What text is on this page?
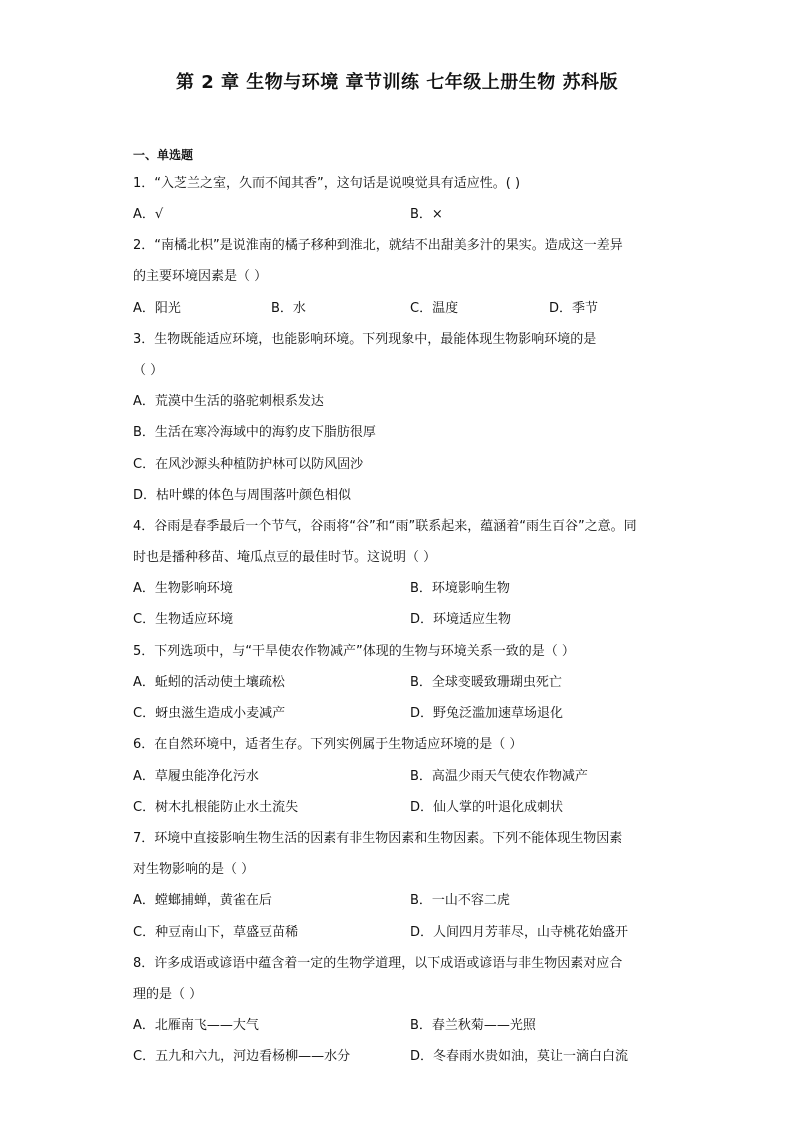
第 2 章 生物与环境 章节训练 七年级上册生物 苏科版
一、单选题
1．“入芝兰之室，久而不闻其香”，这句话是说嗅觉具有适应性。( )
A．√	B．×
2．“南橘北枳”是说淮南的橘子移种到淮北，就结不出甜美多汁的果实。造成这一差异
的主要环境因素是（ ）
A．阳光	B．水	C．温度	D．季节
3．生物既能适应环境，也能影响环境。下列现象中，最能体现生物影响环境的是
（ ）
A．荒漠中生活的骆驼刺根系发达
B．生活在寒冷海域中的海豹皮下脂肪很厚
C．在风沙源头种植防护林可以防风固沙
D．枯叶蝶的体色与周围落叶颜色相似
4．谷雨是春季最后一个节气，谷雨将“谷”和“雨”联系起来，蕴涵着“雨生百谷”之意。同
时也是播种移苗、埯瓜点豆的最佳时节。这说明（ ）
A．生物影响环境	B．环境影响生物
C．生物适应环境	D．环境适应生物
5．下列选项中，与“干旱使农作物减产”体现的生物与环境关系一致的是（ ）
A．蚯蚓的活动使土壤疏松	B．全球变暖致珊瑚虫死亡
C．蚜虫滋生造成小麦减产	D．野兔泛滥加速草场退化
6．在自然环境中，适者生存。下列实例属于生物适应环境的是（ ）
A．草履虫能净化污水	B．高温少雨天气使农作物减产
C．树木扎根能防止水土流失	D．仙人掌的叶退化成刺状
7．环境中直接影响生物生活的因素有非生物因素和生物因素。下列不能体现生物因素
对生物影响的是（ ）
A．螳螂捕蝉，黄雀在后	B．一山不容二虎
C．种豆南山下，草盛豆苗稀	D．人间四月芳菲尽，山寺桃花始盛开
8．许多成语或谚语中蕴含着一定的生物学道理，以下成语或谚语与非生物因素对应合
理的是（ ）
A．北雁南飞——大气	B．春兰秋菊——光照
C．五九和六九，河边看杨柳——水分	D．冬春雨水贵如油，莫让一滴白白流
